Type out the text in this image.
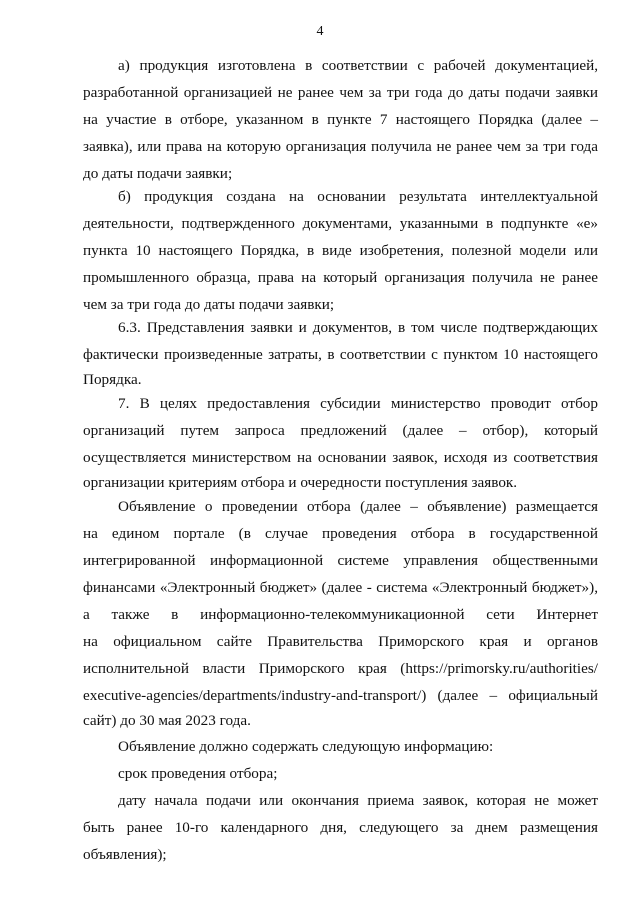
4
а) продукция изготовлена в соответствии с рабочей документацией,
разработанной организацией не ранее чем за три года до даты подачи заявки
на участие в отборе, указанном в пункте 7 настоящего Порядка (далее –
заявка), или права на которую организация получила не ранее чем за три года
до даты подачи заявки;
б) продукция создана на основании результата интеллектуальной
деятельности, подтвержденного документами, указанными в подпункте «е»
пункта 10 настоящего Порядка, в виде изобретения, полезной модели или
промышленного образца, права на который организация получила не ранее
чем за три года до даты подачи заявки;
6.3. Представления заявки и документов, в том числе подтверждающих
фактически произведенные затраты, в соответствии с пунктом 10 настоящего
Порядка.
7. В целях предоставления субсидии министерство проводит отбор
организаций путем запроса предложений (далее – отбор), который
осуществляется министерством на основании заявок, исходя из соответствия
организации критериям отбора и очередности поступления заявок.
Объявление о проведении отбора (далее – объявление) размещается
на едином портале (в случае проведения отбора в государственной
интегрированной информационной системе управления общественными
финансами «Электронный бюджет» (далее - система «Электронный бюджет»),
а также в информационно-телекоммуникационной сети Интернет
на официальном сайте Правительства Приморского края и органов
исполнительной власти Приморского края (https://primorsky.ru/authorities/
executive-agencies/departments/industry-and-transport/) (далее – официальный
сайт) до 30 мая 2023 года.
Объявление должно содержать следующую информацию:
срок проведения отбора;
дату начала подачи или окончания приема заявок, которая не может
быть ранее 10-го календарного дня, следующего за днем размещения
объявления);
